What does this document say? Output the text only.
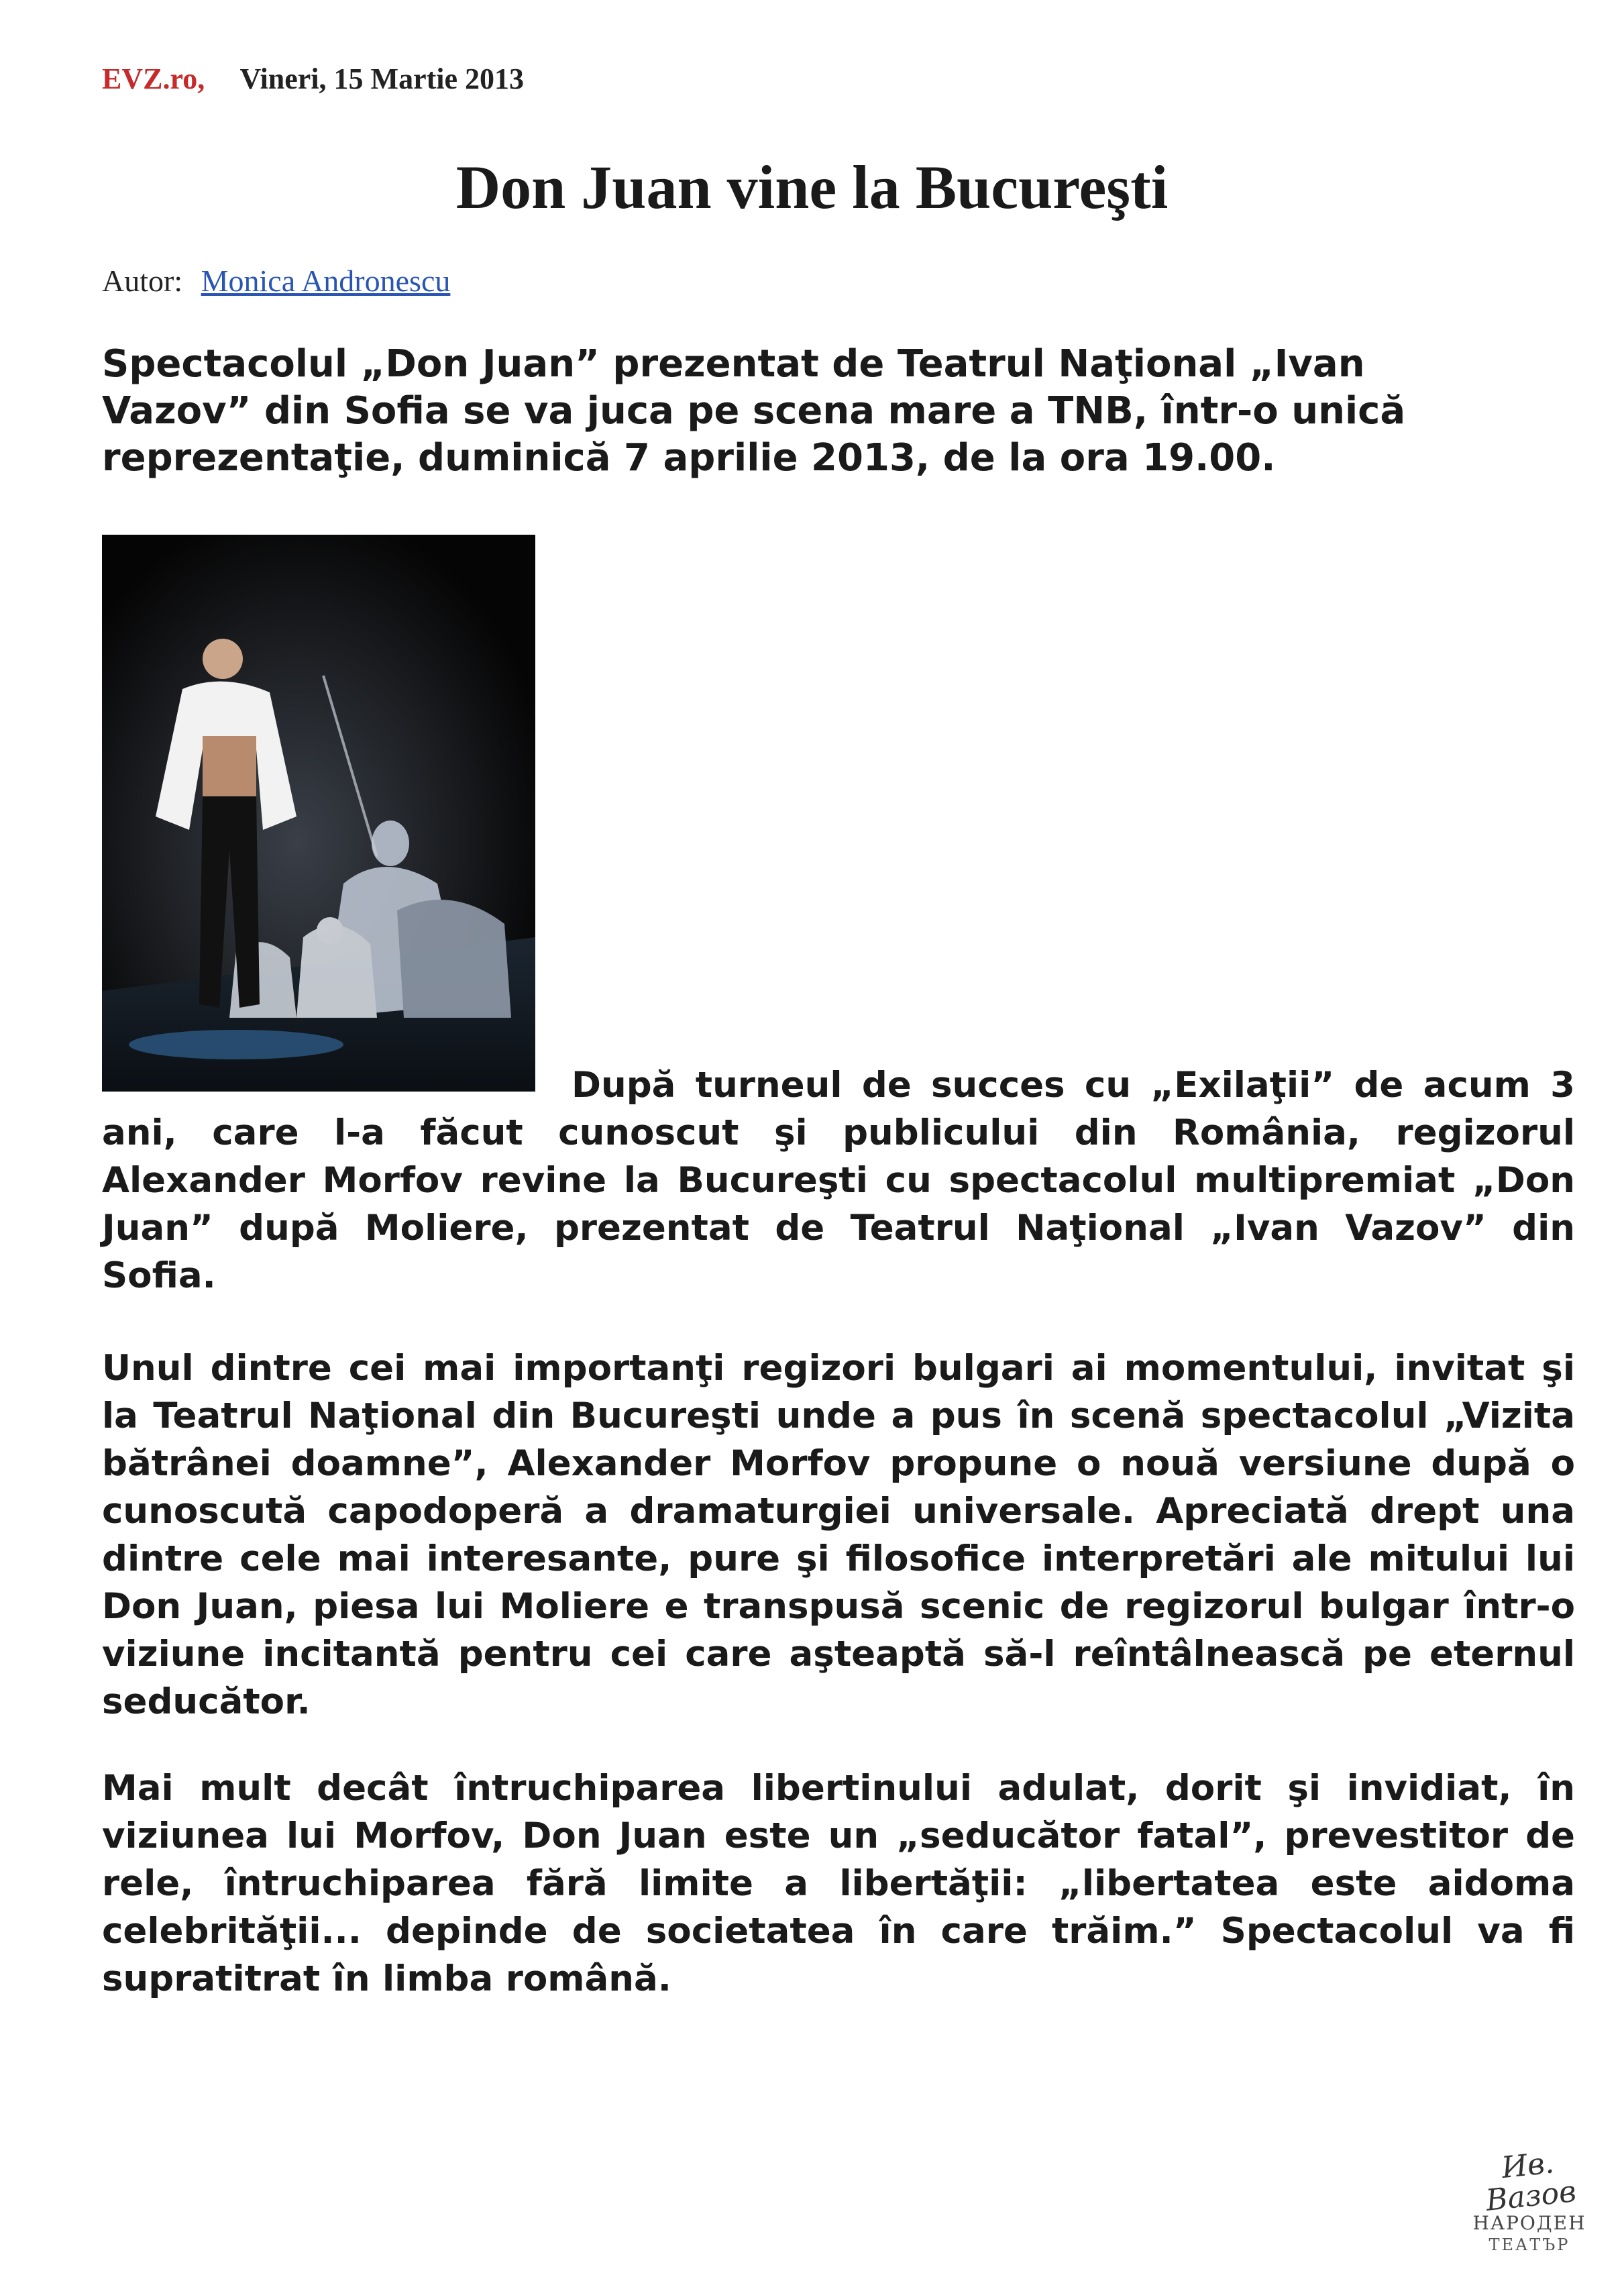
EVZ.ro, Vineri, 15 Martie 2013
Don Juan vine la Bucureşti
Autor: Monica Andronescu

Spectacolul „Don Juan” prezentat de Teatrul Naţional „Ivan Vazov” din Sofia se va juca pe scena mare a TNB, într-o unică reprezentaţie, duminică 7 aprilie 2013, de la ora 19.00.

După turneul de succes cu „Exilaţii” de acum 3 ani, care l-a făcut cunoscut şi publicului din România, regizorul Alexander Morfov revine la Bucureşti cu spectacolul multipremiat „Don Juan” după Moliere, prezentat de Teatrul Naţional „Ivan Vazov” din Sofia.

Unul dintre cei mai importanţi regizori bulgari ai momentului, invitat şi la Teatrul Naţional din Bucureşti unde a pus în scenă spectacolul „Vizita bătrânei doamne”, Alexander Morfov propune o nouă versiune după o cunoscută capodoperă a dramaturgiei universale. Apreciată drept una dintre cele mai interesante, pure şi filosofice interpretări ale mitului lui Don Juan, piesa lui Moliere e transpusă scenic de regizorul bulgar într-o viziune incitantă pentru cei care aşteaptă să-l reîntâlnească pe eternul seducător.

Mai mult decât întruchiparea libertinului adulat, dorit şi invidiat, în viziunea lui Morfov, Don Juan este un „seducător fatal”, prevestitor de rele, întruchiparea fără limite a libertăţii: „libertatea este aidoma celebrităţii... depinde de societatea în care trăim.” Spectacolul va fi supratitrat în limba română.

Ив. Вазов
НАРОДЕН
ТЕАТЪР
